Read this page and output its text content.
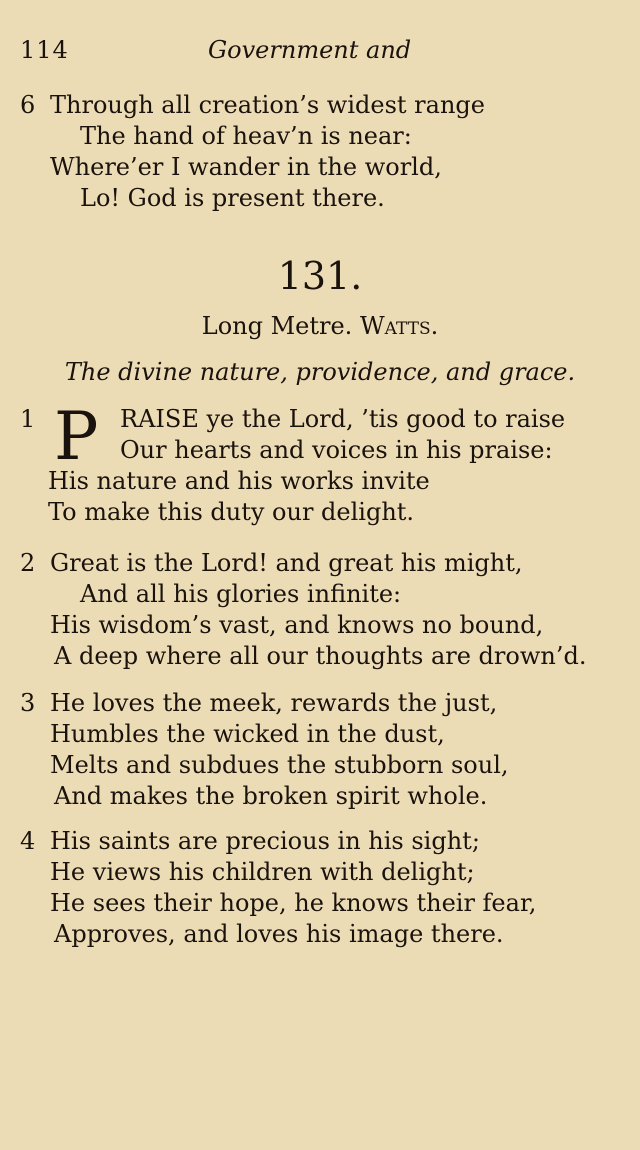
114	Government and
6 Through all creation’s widest range
The hand of heav’n is near:
Where’er I wander in the world,
Lo! God is present there.
131.
Long Metre. Watts.
The divine nature, providence, and grace.
P
1	RAISE ye the Lord, ’tis good to raise
Our hearts and voices in his praise:
His nature and his works invite
To make this duty our delight.
2 Great is the Lord! and great his might,
And all his glories infinite:
His wisdom’s vast, and knows no bound,
A deep where all our thoughts are drown’d.
3 He loves the meek, rewards the just,
Humbles the wicked in the dust,
Melts and subdues the stubborn soul,
And makes the broken spirit whole.
4 His saints are precious in his sight;
He views his children with delight;
He sees their hope, he knows their fear,
Approves, and loves his image there.
